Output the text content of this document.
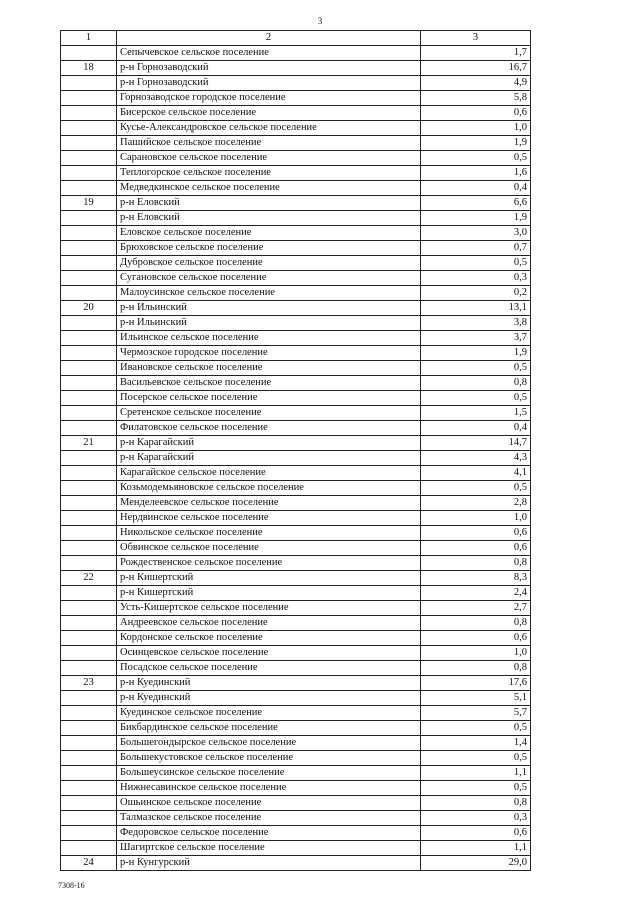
3
1	2	3
	Сепычевское сельское поселение	1,7
18	р-н Горнозаводский	16,7
	р-н Горнозаводский	4,9
	Горнозаводское городское поселение	5,8
	Бисерское сельское поселение	0,6
	Кусье-Александровское сельское поселение	1,0
	Пашийское сельское поселение	1,9
	Сарановское сельское поселение	0,5
	Теплогорское сельское поселение	1,6
	Медведкинское сельское поселение	0,4
19	р-н Еловский	6,6
	р-н Еловский	1,9
	Еловское сельское поселение	3,0
	Брюховское сельское поселение	0,7
	Дубровское сельское поселение	0,5
	Сугановское сельское поселение	0,3
	Малоусинское сельское поселение	0,2
20	р-н Ильинский	13,1
	р-н Ильинский	3,8
	Ильинское сельское поселение	3,7
	Чермозское городское поселение	1,9
	Ивановское сельское поселение	0,5
	Васильевское сельское поселение	0,8
	Посерское сельское поселение	0,5
	Сретенское сельское поселение	1,5
	Филатовское сельское поселение	0,4
21	р-н Карагайский	14,7
	р-н Карагайский	4,3
	Карагайское сельское поселение	4,1
	Козьмодемьяновское сельское поселение	0,5
	Менделеевское сельское поселение	2,8
	Нердвинское сельское поселение	1,0
	Никольское сельское поселение	0,6
	Обвинское сельское поселение	0,6
	Рождественское сельское поселение	0,8
22	р-н Кишертский	8,3
	р-н Кишертский	2,4
	Усть-Кишертское сельское поселение	2,7
	Андреевское сельское поселение	0,8
	Кордонское сельское поселение	0,6
	Осинцевское сельское поселение	1,0
	Посадское сельское поселение	0,8
23	р-н Куединский	17,6
	р-н Куединский	5,1
	Куединское сельское поселение	5,7
	Бикбардинское сельское поселение	0,5
	Большегондырское сельское поселение	1,4
	Большекустовское сельское поселение	0,5
	Большеусинское сельское поселение	1,1
	Нижнесавинское сельское поселение	0,5
	Ошьинское сельское поселение	0,8
	Талмазское сельское поселение	0,3
	Федоровское сельское поселение	0,6
	Шагиртское сельское поселение	1,1
24	р-н Кунгурский	29,0
7308-16
